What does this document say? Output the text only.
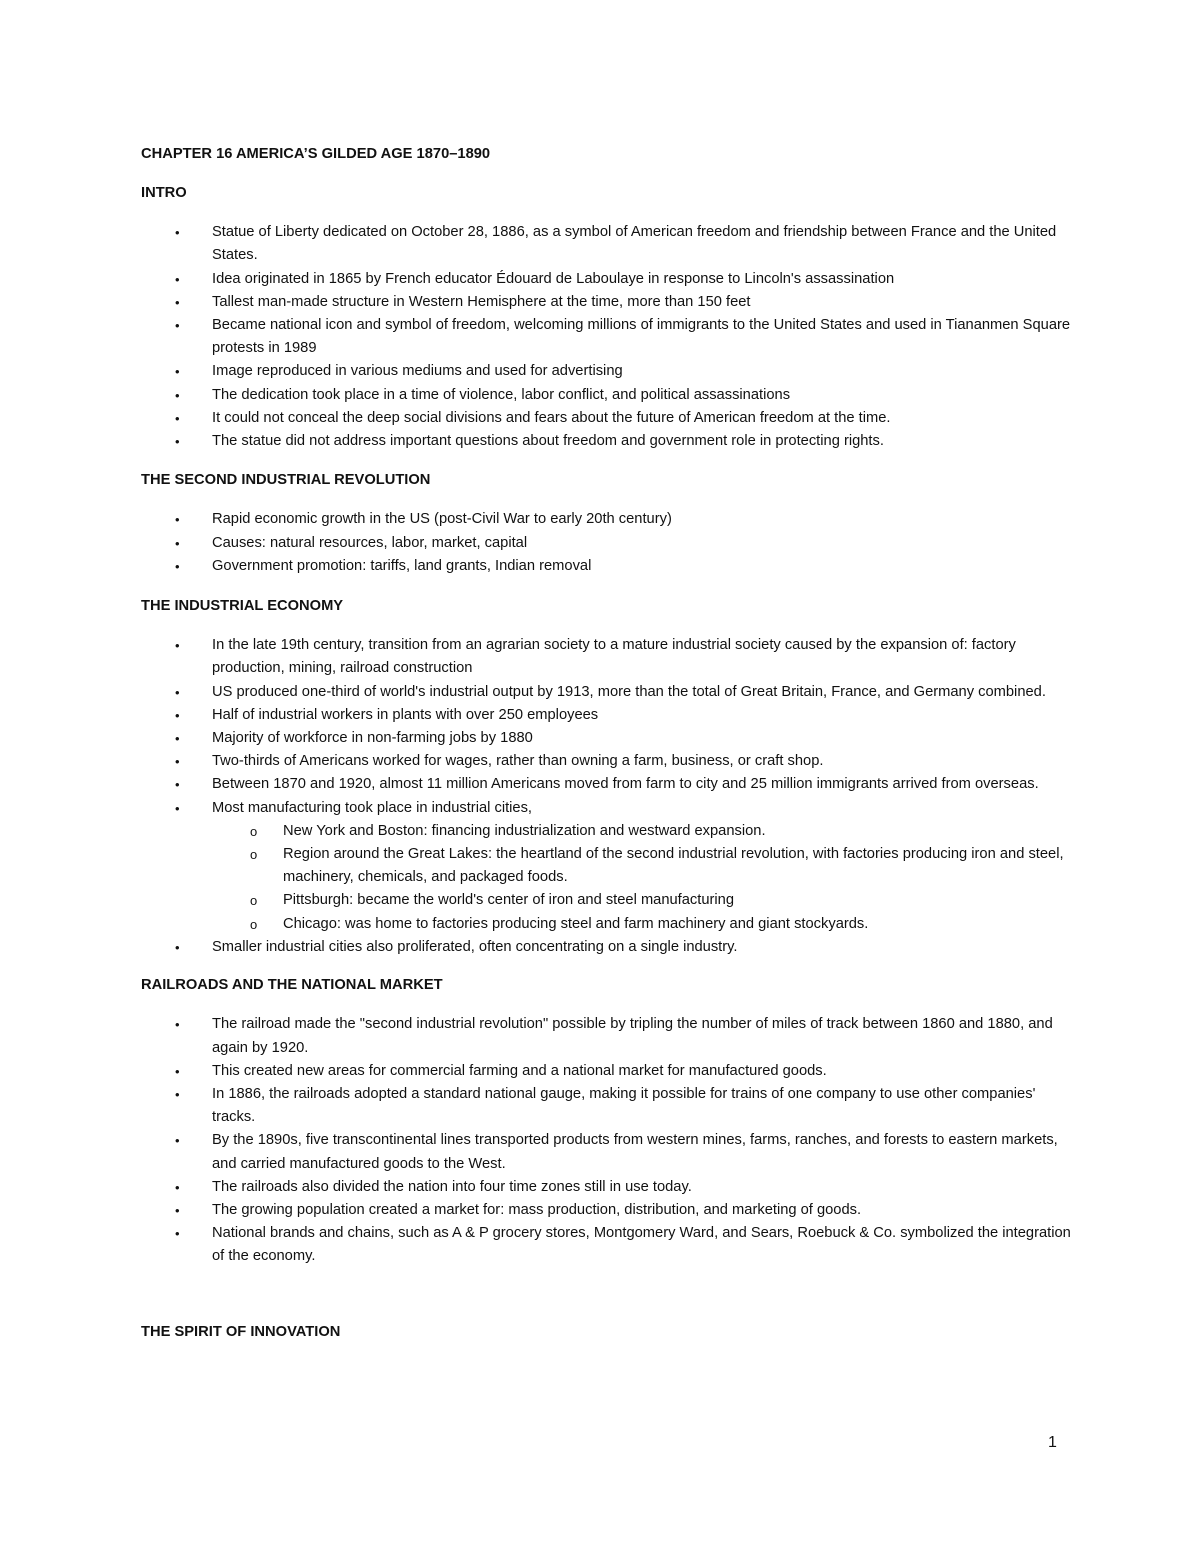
CHAPTER 16 AMERICA’S GILDED AGE 1870–1890

INTRO

• Statue of Liberty dedicated on October 28, 1886, as a symbol of American freedom and friendship between France and the United States.
• Idea originated in 1865 by French educator Édouard de Laboulaye in response to Lincoln's assassination
• Tallest man-made structure in Western Hemisphere at the time, more than 150 feet
• Became national icon and symbol of freedom, welcoming millions of immigrants to the United States and used in Tiananmen Square protests in 1989
• Image reproduced in various mediums and used for advertising
• The dedication took place in a time of violence, labor conflict, and political assassinations
• It could not conceal the deep social divisions and fears about the future of American freedom at the time.
• The statue did not address important questions about freedom and government role in protecting rights.

THE SECOND INDUSTRIAL REVOLUTION

• Rapid economic growth in the US (post-Civil War to early 20th century)
• Causes: natural resources, labor, market, capital
• Government promotion: tariffs, land grants, Indian removal

THE INDUSTRIAL ECONOMY

• In the late 19th century, transition from an agrarian society to a mature industrial society caused by the expansion of: factory production, mining, railroad construction
• US produced one-third of world's industrial output by 1913, more than the total of Great Britain, France, and Germany combined.
• Half of industrial workers in plants with over 250 employees
• Majority of workforce in non-farming jobs by 1880
• Two-thirds of Americans worked for wages, rather than owning a farm, business, or craft shop.
• Between 1870 and 1920, almost 11 million Americans moved from farm to city and 25 million immigrants arrived from overseas.
• Most manufacturing took place in industrial cities,
o New York and Boston: financing industrialization and westward expansion.
o Region around the Great Lakes: the heartland of the second industrial revolution, with factories producing iron and steel, machinery, chemicals, and packaged foods.
o Pittsburgh: became the world's center of iron and steel manufacturing
o Chicago: was home to factories producing steel and farm machinery and giant stockyards.
• Smaller industrial cities also proliferated, often concentrating on a single industry.

RAILROADS AND THE NATIONAL MARKET

• The railroad made the "second industrial revolution" possible by tripling the number of miles of track between 1860 and 1880, and again by 1920.
• This created new areas for commercial farming and a national market for manufactured goods.
• In 1886, the railroads adopted a standard national gauge, making it possible for trains of one company to use other companies' tracks.
• By the 1890s, five transcontinental lines transported products from western mines, farms, ranches, and forests to eastern markets, and carried manufactured goods to the West.
• The railroads also divided the nation into four time zones still in use today.
• The growing population created a market for: mass production, distribution, and marketing of goods.
• National brands and chains, such as A & P grocery stores, Montgomery Ward, and Sears, Roebuck & Co. symbolized the integration of the economy.

THE SPIRIT OF INNOVATION

1
